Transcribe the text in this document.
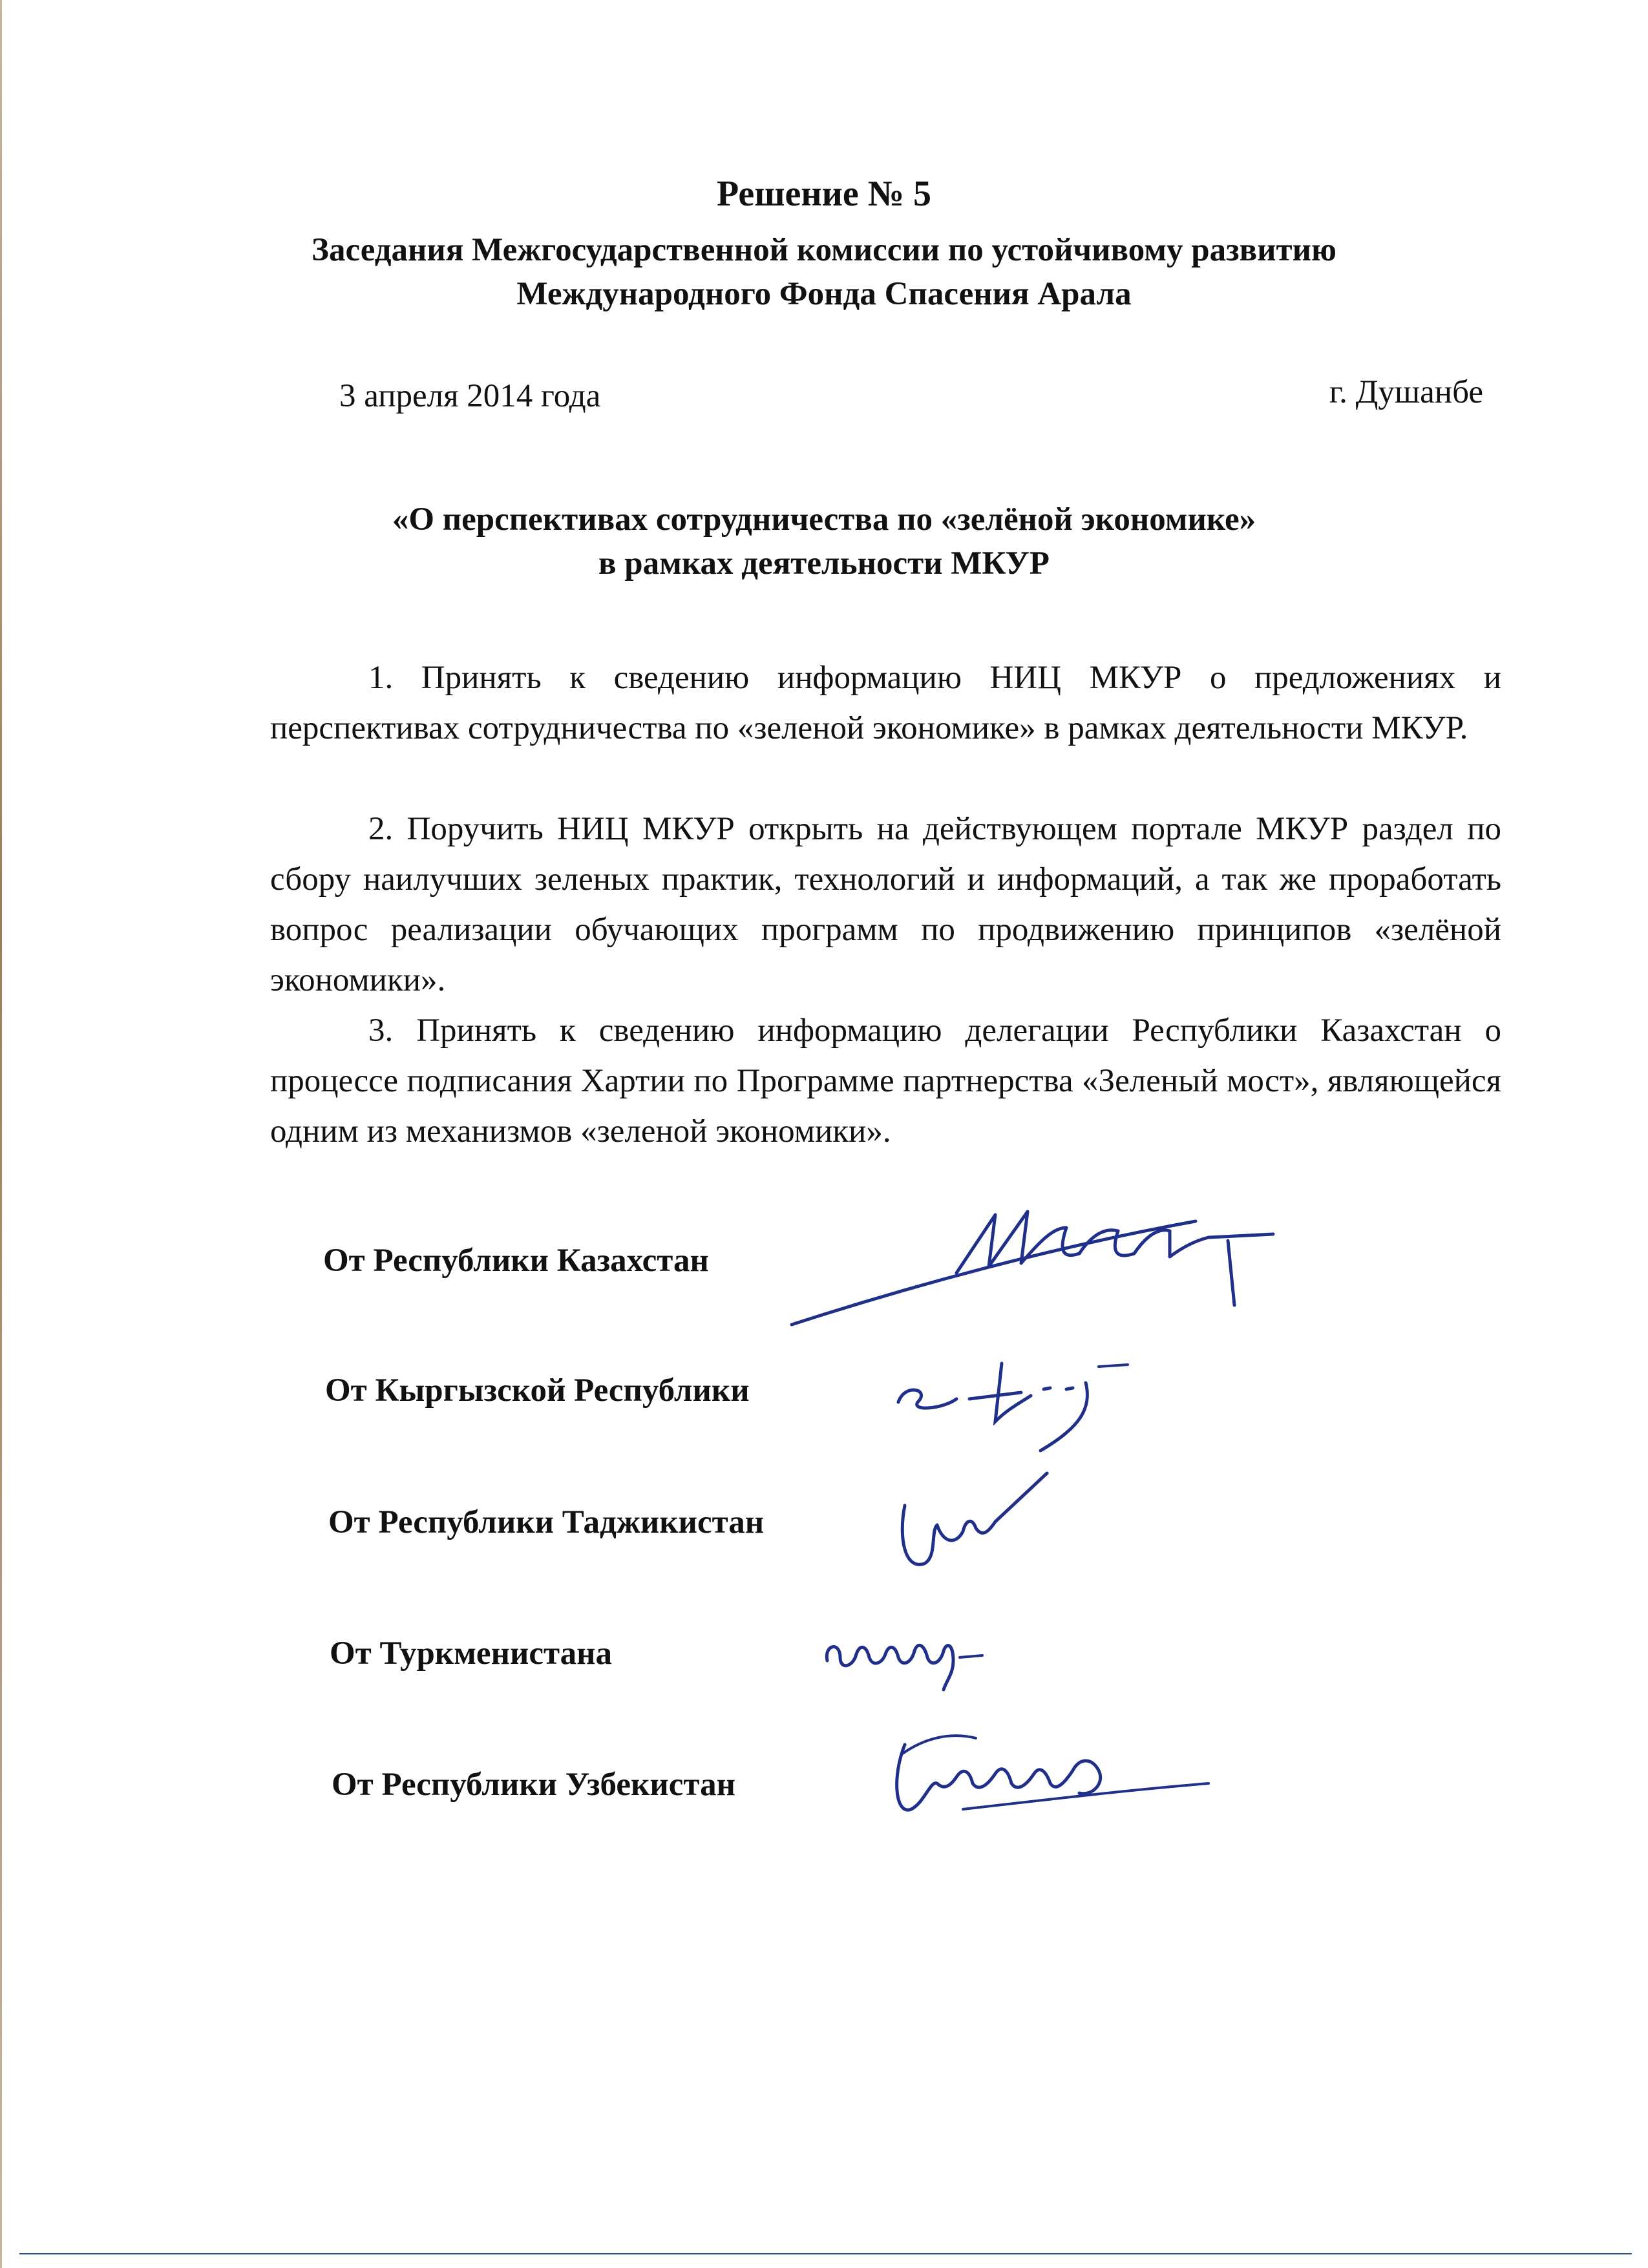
Решение № 5
Заседания Межгосударственной комиссии по устойчивому развитию
Международного Фонда Спасения Арала
3 апреля 2014 года	г. Душанбе
«О перспективах сотрудничества по «зелёной экономике»
в рамках деятельности МКУР

1. Принять к сведению информацию НИЦ МКУР о предложениях и перспективах сотрудничества по «зеленой экономике» в рамках деятельности МКУР.

2. Поручить НИЦ МКУР открыть на действующем портале МКУР раздел по сбору наилучших зеленых практик, технологий и информаций, а так же проработать вопрос реализации обучающих программ по продвижению принципов «зелёной экономики».

3. Принять к сведению информацию делегации Республики Казахстан о процессе подписания Хартии по Программе партнерства «Зеленый мост», являющейся одним из механизмов «зеленой экономики».

От Республики Казахстан
От Кыргызской Республики
От Республики Таджикистан
От Туркменистана
От Республики Узбекистан
